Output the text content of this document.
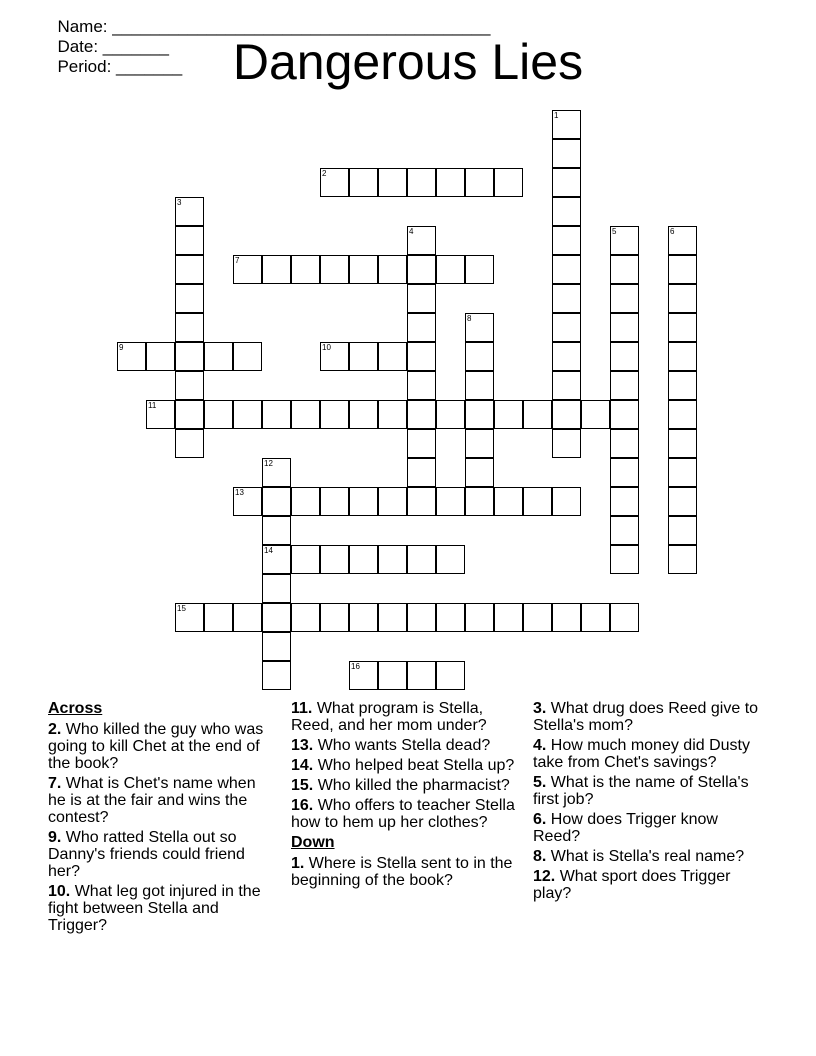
Name: ________________________________________
Date: _______
Period: _______	Dangerous Lies
1
2
3
4	5	6
7
8
9	10
11
12
14
13
15
16
Across
2. Who killed the guy who was going to kill Chet at the end of the book?
7. What is Chet's name when he is at the fair and wins the contest?
9. Who ratted Stella out so Danny's friends could friend her?
10. What leg got injured in the fight between Stella and Trigger?
11. What program is Stella, Reed, and her mom under?
13. Who wants Stella dead?
14. Who helped beat Stella up?
15. Who killed the pharmacist?
16. Who offers to teacher Stella how to hem up her clothes?
Down
1. Where is Stella sent to in the beginning of the book?
3. What drug does Reed give to Stella's mom?
4. How much money did Dusty take from Chet's savings?
5. What is the name of Stella's first job?
6. How does Trigger know Reed?
8. What is Stella's real name?
12. What sport does Trigger play?
